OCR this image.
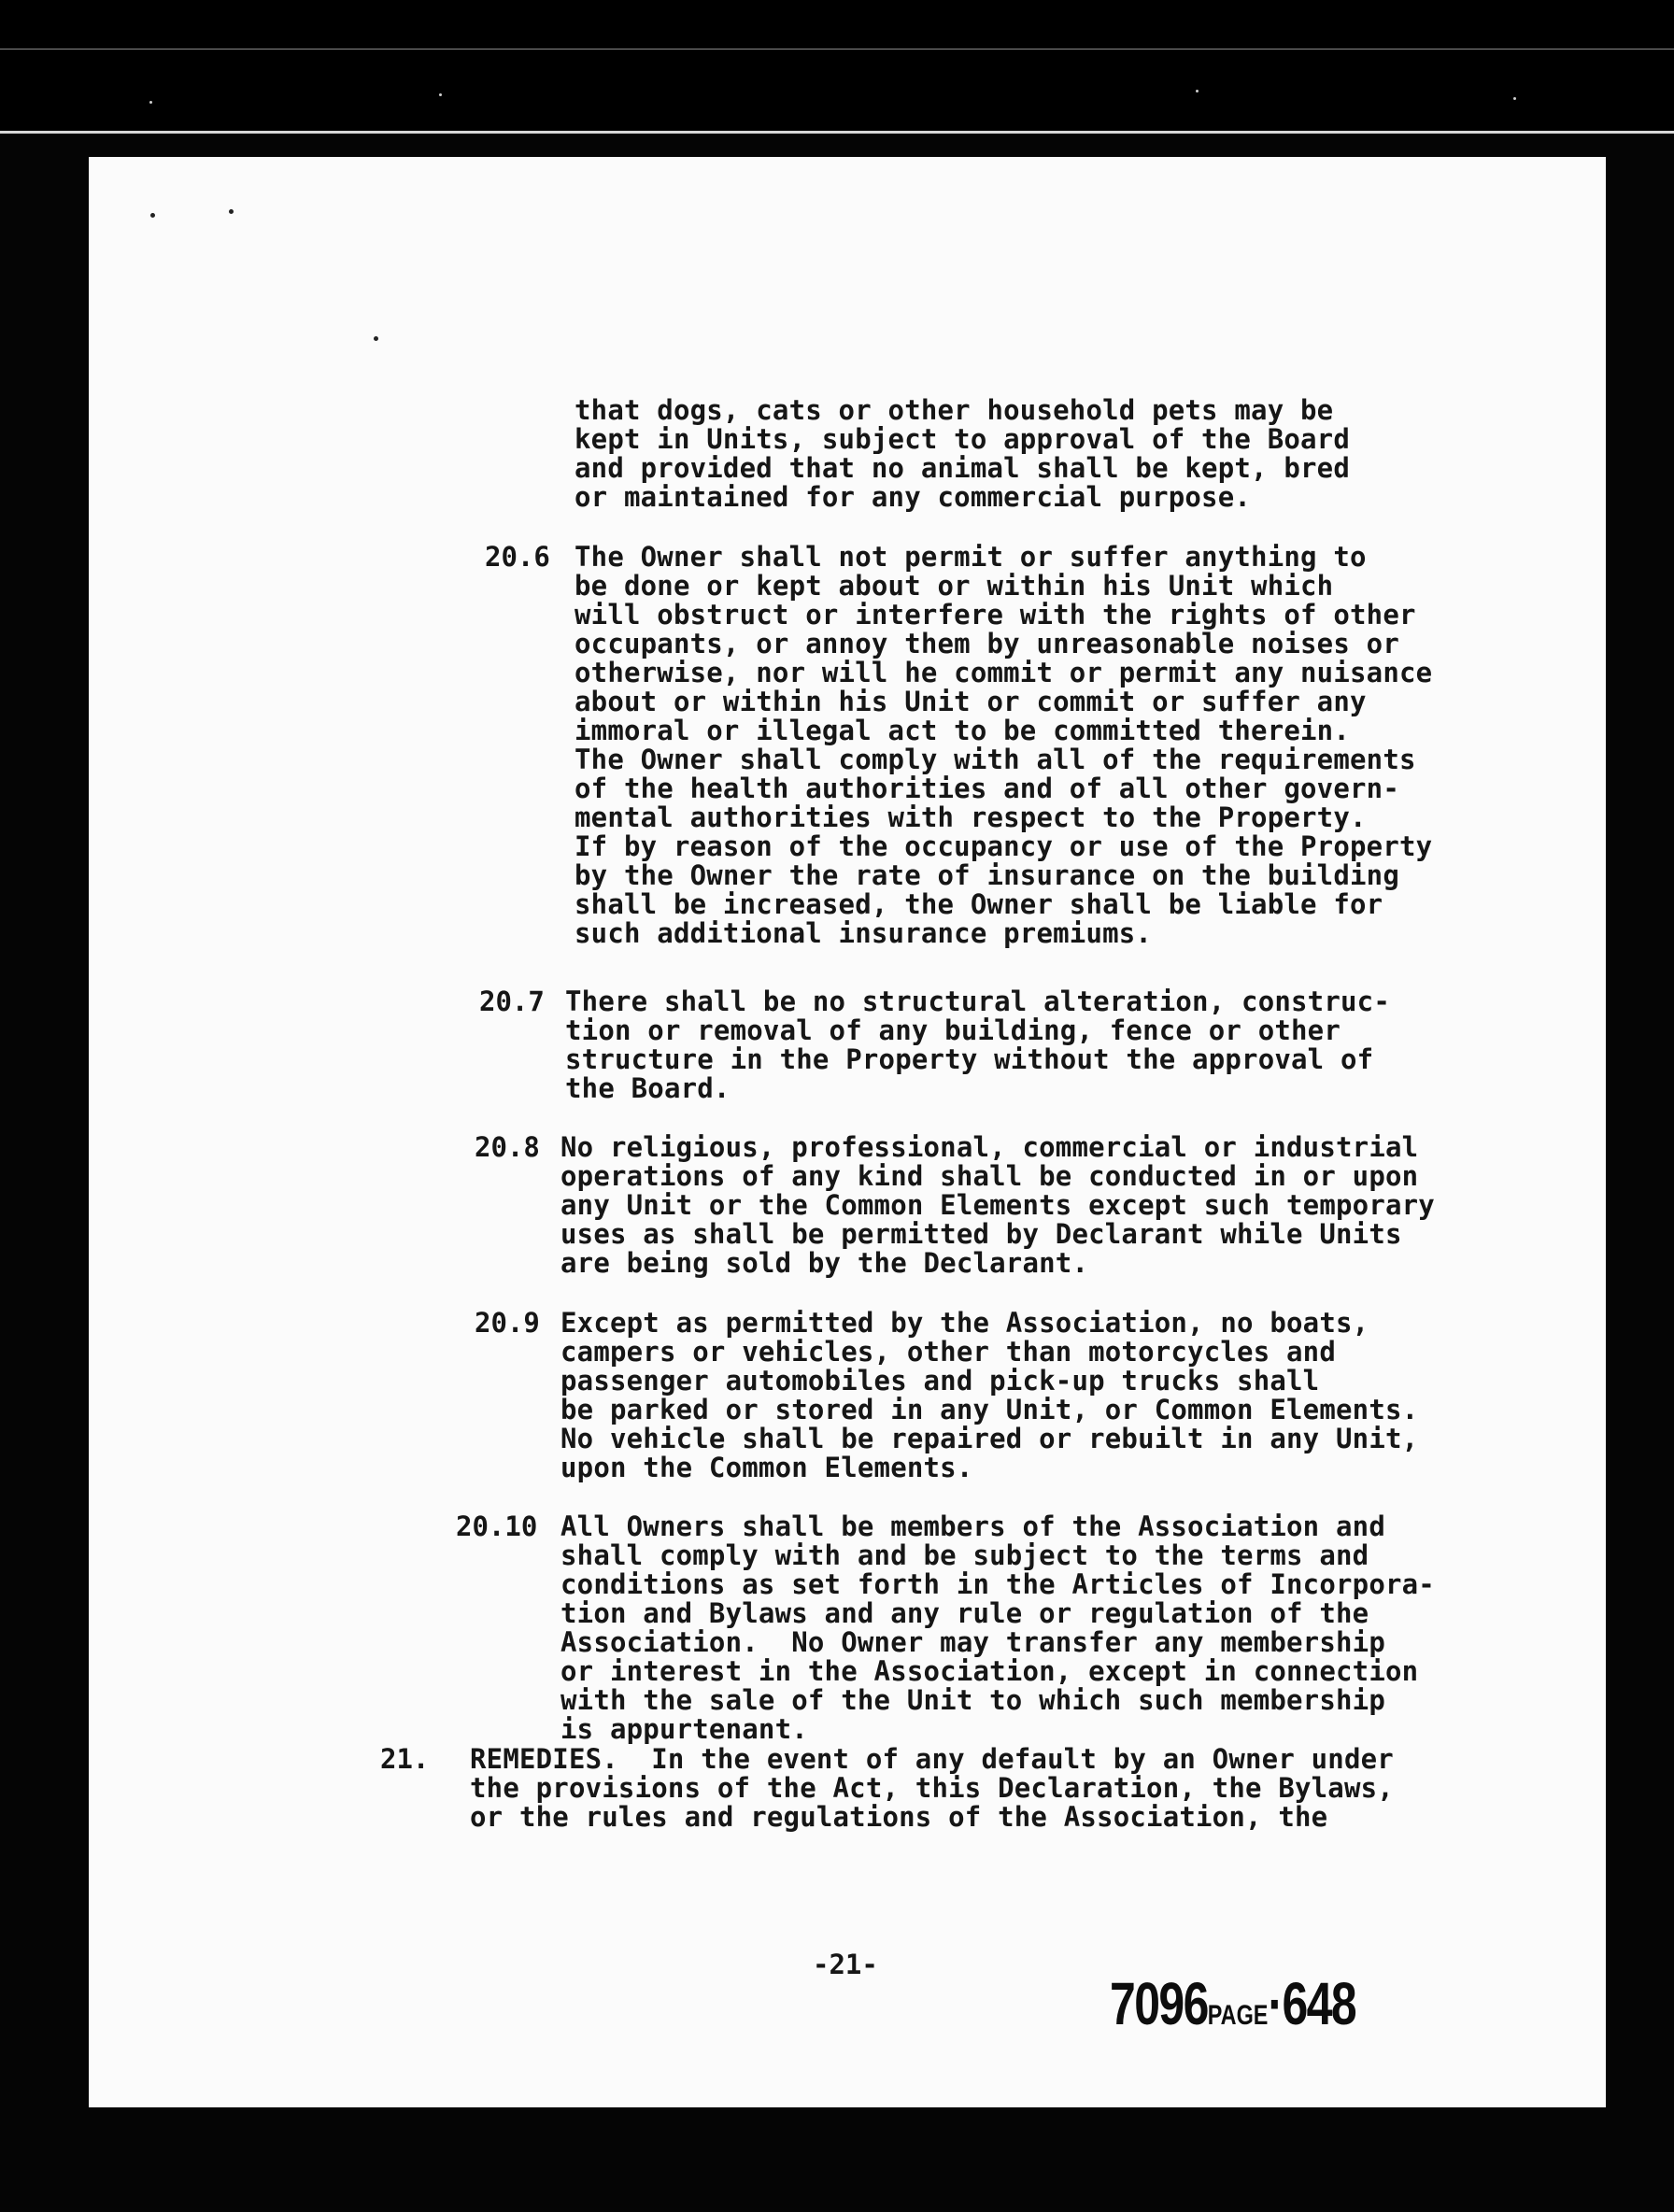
that dogs, cats or other household pets may be
kept in Units, subject to approval of the Board
and provided that no animal shall be kept, bred
or maintained for any commercial purpose.

20.6 The Owner shall not permit or suffer anything to
be done or kept about or within his Unit which
will obstruct or interfere with the rights of other
occupants, or annoy them by unreasonable noises or
otherwise, nor will he commit or permit any nuisance
about or within his Unit or commit or suffer any
immoral or illegal act to be committed therein.
The Owner shall comply with all of the requirements
of the health authorities and of all other govern-
mental authorities with respect to the Property.
If by reason of the occupancy or use of the Property
by the Owner the rate of insurance on the building
shall be increased, the Owner shall be liable for
such additional insurance premiums.

20.7 There shall be no structural alteration, construc-
tion or removal of any building, fence or other
structure in the Property without the approval of
the Board.

20.8 No religious, professional, commercial or industrial
operations of any kind shall be conducted in or upon
any Unit or the Common Elements except such temporary
uses as shall be permitted by Declarant while Units
are being sold by the Declarant.

20.9 Except as permitted by the Association, no boats,
campers or vehicles, other than motorcycles and
passenger automobiles and pick-up trucks shall
be parked or stored in any Unit, or Common Elements.
No vehicle shall be repaired or rebuilt in any Unit,
upon the Common Elements.

20.10 All Owners shall be members of the Association and
shall comply with and be subject to the terms and
conditions as set forth in the Articles of Incorpora-
tion and Bylaws and any rule or regulation of the
Association.  No Owner may transfer any membership
or interest in the Association, except in connection
with the sale of the Unit to which such membership
is appurtenant.

21. REMEDIES.  In the event of any default by an Owner under
the provisions of the Act, this Declaration, the Bylaws,
or the rules and regulations of the Association, the

-21-
7096PAGE·648
